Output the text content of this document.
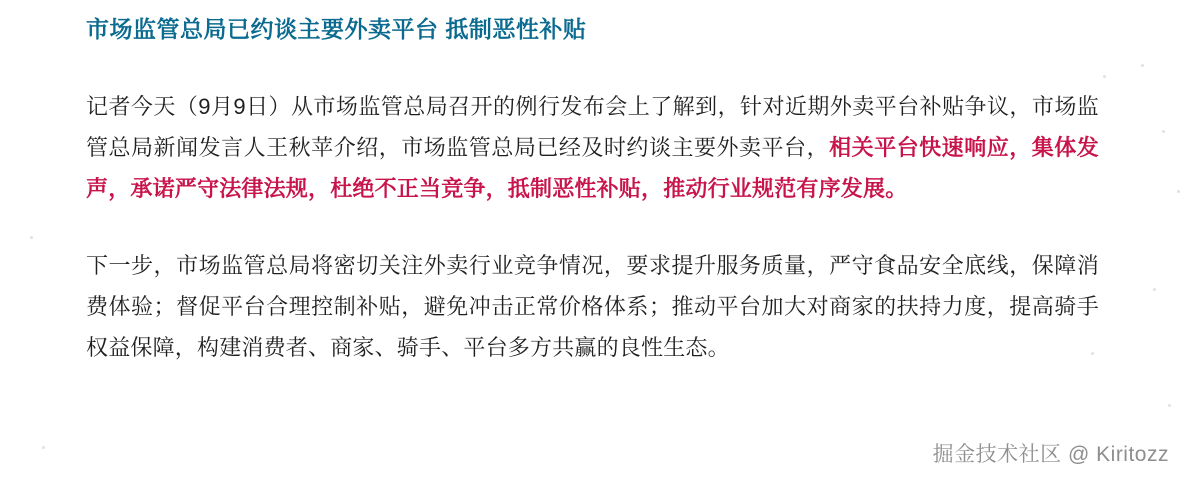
市场监管总局已约谈主要外卖平台 抵制恶性补贴

记者今天（9月9日）从市场监管总局召开的例行发布会上了解到，针对近期外卖平台补贴争议，市场监管总局新闻发言人王秋苹介绍，市场监管总局已经及时约谈主要外卖平台，相关平台快速响应，集体发声，承诺严守法律法规，杜绝不正当竞争，抵制恶性补贴，推动行业规范有序发展。

下一步，市场监管总局将密切关注外卖行业竞争情况，要求提升服务质量，严守食品安全底线，保障消费体验；督促平台合理控制补贴，避免冲击正常价格体系；推动平台加大对商家的扶持力度，提高骑手权益保障，构建消费者、商家、骑手、平台多方共赢的良性生态。

掘金技术社区 @ Kiritozz
